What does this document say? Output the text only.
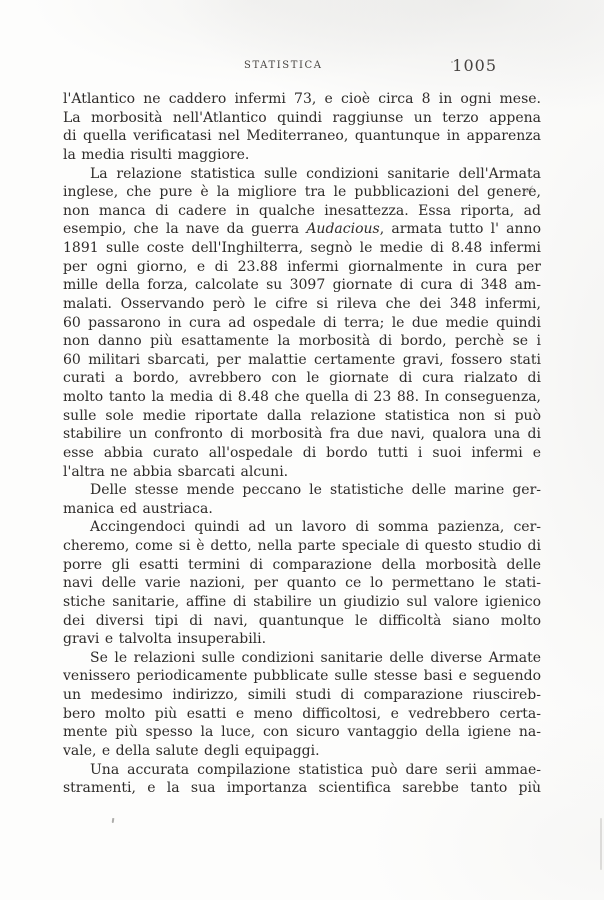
STATISTICA	1005
l'Atlantico ne caddero infermi 73, e cioè circa 8 in ogni mese.
La morbosità nell'Atlantico quindi raggiunse un terzo appena
di quella verificatasi nel Mediterraneo, quantunque in apparenza
la media risulti maggiore.
La relazione statistica sulle condizioni sanitarie dell'Armata
inglese, che pure è la migliore tra le pubblicazioni del genere,
non manca di cadere in qualche inesattezza. Essa riporta, ad
esempio, che la nave da guerra Audacious, armata tutto l' anno
1891 sulle coste dell'Inghilterra, segnò le medie di 8.48 infermi
per ogni giorno, e di 23.88 infermi giornalmente in cura per
mille della forza, calcolate su 3097 giornate di cura di 348 am-
malati. Osservando però le cifre si rileva che dei 348 infermi,
60 passarono in cura ad ospedale di terra; le due medie quindi
non danno più esattamente la morbosità di bordo, perchè se i
60 militari sbarcati, per malattie certamente gravi, fossero stati
curati a bordo, avrebbero con le giornate di cura rialzato di
molto tanto la media di 8.48 che quella di 23 88. In conseguenza,
sulle sole medie riportate dalla relazione statistica non si può
stabilire un confronto di morbosità fra due navi, qualora una di
esse abbia curato all'ospedale di bordo tutti i suoi infermi e
l'altra ne abbia sbarcati alcuni.
Delle stesse mende peccano le statistiche delle marine ger-
manica ed austriaca.
Accingendoci quindi ad un lavoro di somma pazienza, cer-
cheremo, come si è detto, nella parte speciale di questo studio di
porre gli esatti termini di comparazione della morbosità delle
navi delle varie nazioni, per quanto ce lo permettano le stati-
stiche sanitarie, affine di stabilire un giudizio sul valore igienico
dei diversi tipi di navi, quantunque le difficoltà siano molto
gravi e talvolta insuperabili.
Se le relazioni sulle condizioni sanitarie delle diverse Armate
venissero periodicamente pubblicate sulle stesse basi e seguendo
un medesimo indirizzo, simili studi di comparazione riuscireb-
bero molto più esatti e meno difficoltosi, e vedrebbero certa-
mente più spesso la luce, con sicuro vantaggio della igiene na-
vale, e della salute degli equipaggi.
Una accurata compilazione statistica può dare serii ammae-
stramenti, e la sua importanza scientifica sarebbe tanto più
